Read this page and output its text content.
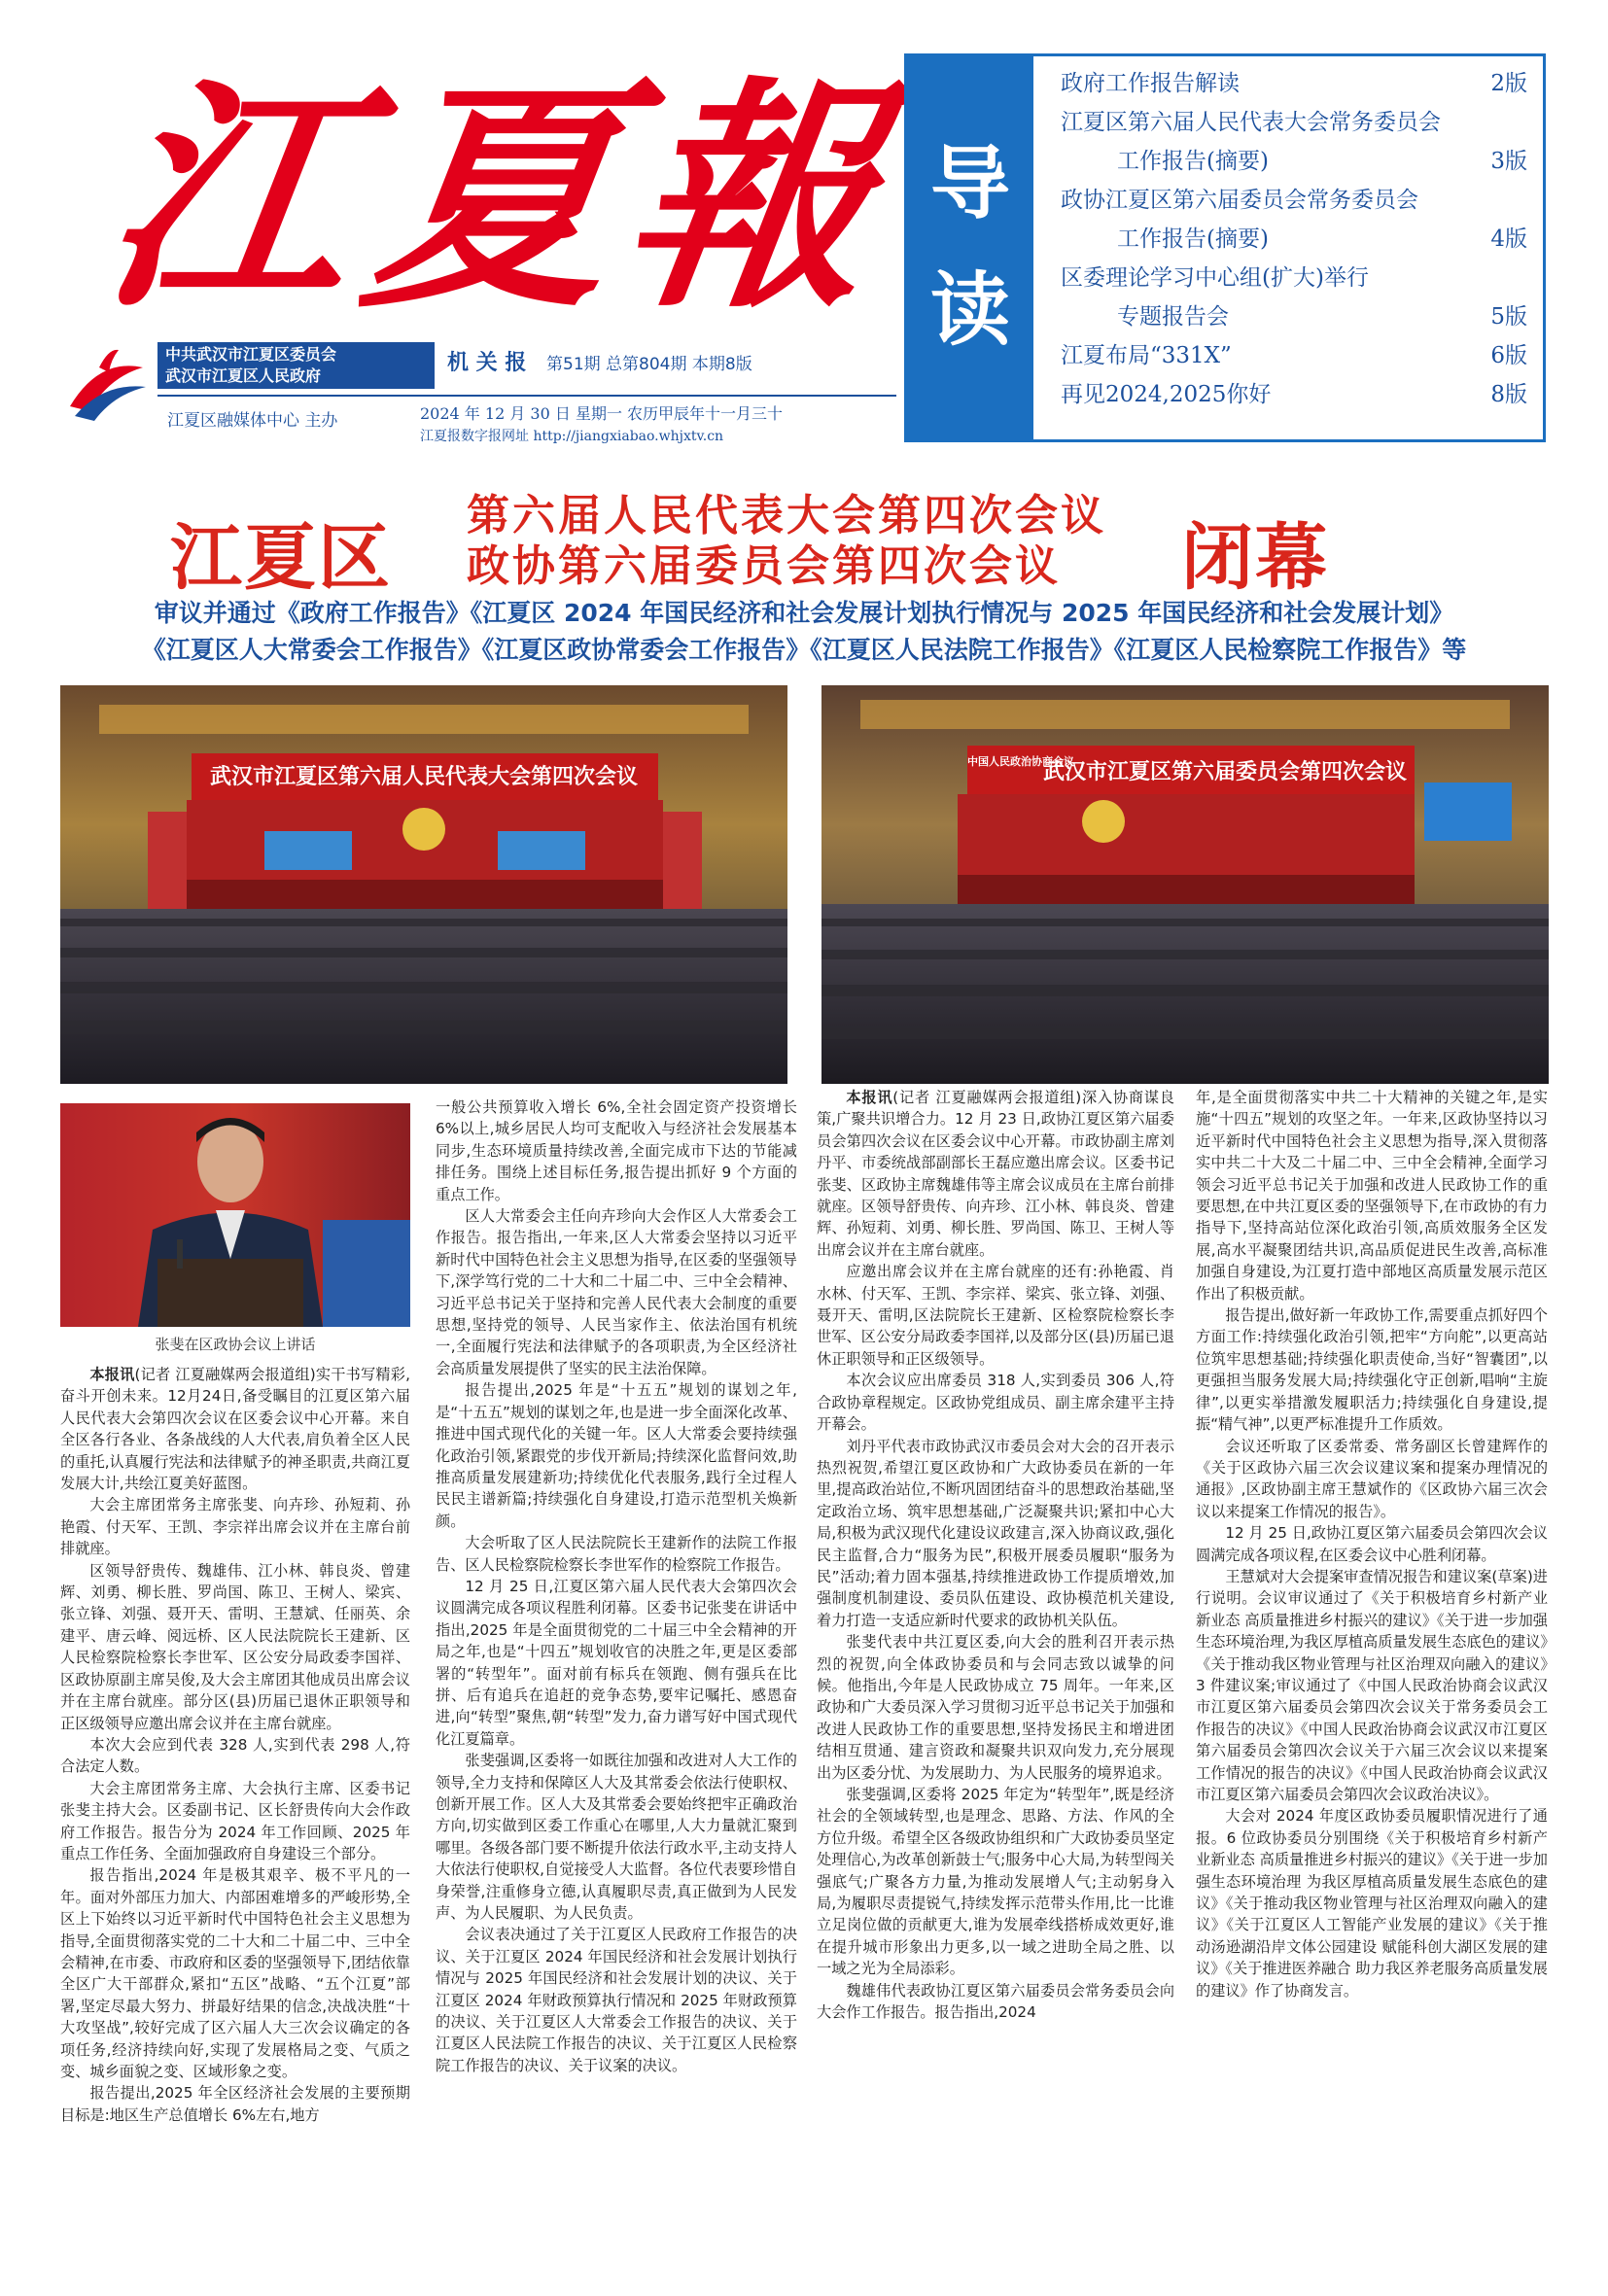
江
夏
報
中共武汉市江夏区委员会
武汉市江夏区人民政府
机 关 报 第51期 总第804期 本期8版
江夏区融媒体中心 主办	2024 年 12 月 30 日 星期一 农历甲辰年十一月三十
江夏报数字报网址 http://jiangxiabao.whjxtv.cn
导
读
政府工作报告解读	2版
江夏区第六届人民代表大会常务委员会
工作报告(摘要)	3版
政协江夏区第六届委员会常务委员会
工作报告(摘要)	4版
区委理论学习中心组(扩大)举行
专题报告会	5版
江夏布局“331X”	6版
再见2024,2025你好	8版
江夏区
第六届人民代表大会第四次会议
政协第六届委员会第四次会议	闭幕
审议并通过《政府工作报告》《江夏区 2024 年国民经济和社会发展计划执行情况与 2025 年国民经济和社会发展计划》
《江夏区人大常委会工作报告》《江夏区政协常委会工作报告》《江夏区人民法院工作报告》《江夏区人民检察院工作报告》等
武汉市江夏区第六届人民代表大会第四次会议
中国人民政治协商会议
武汉市江夏区第六届委员会第四次会议
张斐在区政协会议上讲话

本报讯(记者 江夏融媒两会报道组)实干书写精彩,奋斗开创未来。12月24日,备受瞩目的江夏区第六届人民代表大会第四次会议在区委会议中心开幕。来自全区各行各业、各条战线的人大代表,肩负着全区人民的重托,认真履行宪法和法律赋予的神圣职责,共商江夏发展大计,共绘江夏美好蓝图。

大会主席团常务主席张斐、向卉珍、孙短莉、孙艳霞、付天军、王凯、李宗祥出席会议并在主席台前排就座。

区领导舒贵传、魏雄伟、江小林、韩良炎、曾建辉、刘勇、柳长胜、罗尚国、陈卫、王树人、梁宾、张立锋、刘强、聂开天、雷明、王慧斌、任丽英、余建平、唐云峰、阅远桥、区人民法院院长王建新、区人民检察院检察长李世军、区公安分局政委李国祥、区政协原副主席吴俊,及大会主席团其他成员出席会议并在主席台就座。部分区(县)历届已退休正职领导和正区级领导应邀出席会议并在主席台就座。

本次大会应到代表 328 人,实到代表 298 人,符合法定人数。

大会主席团常务主席、大会执行主席、区委书记张斐主持大会。区委副书记、区长舒贵传向大会作政府工作报告。报告分为 2024 年工作回顾、2025 年重点工作任务、全面加强政府自身建设三个部分。

报告指出,2024 年是极其艰辛、极不平凡的一年。面对外部压力加大、内部困难增多的严峻形势,全区上下始终以习近平新时代中国特色社会主义思想为指导,全面贯彻落实党的二十大和二十届二中、三中全会精神,在市委、市政府和区委的坚强领导下,团结依靠全区广大干部群众,紧扣“五区”战略、“五个江夏”部署,坚定尽最大努力、拼最好结果的信念,决战决胜“十大攻坚战”,较好完成了区六届人大三次会议确定的各项任务,经济持续向好,实现了发展格局之变、气质之变、城乡面貌之变、区域形象之变。

报告提出,2025 年全区经济社会发展的主要预期目标是:地区生产总值增长 6%左右,地方

一般公共预算收入增长 6%,全社会固定资产投资增长 6%以上,城乡居民人均可支配收入与经济社会发展基本同步,生态环境质量持续改善,全面完成市下达的节能减排任务。围绕上述目标任务,报告提出抓好 9 个方面的重点工作。

区人大常委会主任向卉珍向大会作区人大常委会工作报告。报告指出,一年来,区人大常委会坚持以习近平新时代中国特色社会主义思想为指导,在区委的坚强领导下,深学笃行党的二十大和二十届二中、三中全会精神、习近平总书记关于坚持和完善人民代表大会制度的重要思想,坚持党的领导、人民当家作主、依法治国有机统一,全面履行宪法和法律赋予的各项职责,为全区经济社会高质量发展提供了坚实的民主法治保障。

报告提出,2025 年是“十五五”规划的谋划之年,是“十五五”规划的谋划之年,也是进一步全面深化改革、推进中国式现代化的关键一年。区人大常委会要持续强化政治引领,紧跟党的步伐开新局;持续深化监督问效,助推高质量发展建新功;持续优化代表服务,践行全过程人民民主谱新篇;持续强化自身建设,打造示范型机关焕新颜。

大会听取了区人民法院院长王建新作的法院工作报告、区人民检察院检察长李世军作的检察院工作报告。

12 月 25 日,江夏区第六届人民代表大会第四次会议圆满完成各项议程胜利闭幕。区委书记张斐在讲话中指出,2025 年是全面贯彻党的二十届三中全会精神的开局之年,也是“十四五”规划收官的决胜之年,更是区委部署的“转型年”。面对前有标兵在领跑、侧有强兵在比拼、后有追兵在追赶的竞争态势,要牢记嘱托、感恩奋进,向“转型”聚焦,朝“转型”发力,奋力谱写好中国式现代化江夏篇章。

张斐强调,区委将一如既往加强和改进对人大工作的领导,全力支持和保障区人大及其常委会依法行使职权、创新开展工作。区人大及其常委会要始终把牢正确政治方向,切实做到区委工作重心在哪里,人大力量就汇聚到哪里。各级各部门要不断提升依法行政水平,主动支持人大依法行使职权,自觉接受人大监督。各位代表要珍惜自身荣誉,注重修身立德,认真履职尽责,真正做到为人民发声、为人民履职、为人民负责。

会议表决通过了关于江夏区人民政府工作报告的决议、关于江夏区 2024 年国民经济和社会发展计划执行情况与 2025 年国民经济和社会发展计划的决议、关于江夏区 2024 年财政预算执行情况和 2025 年财政预算的决议、关于江夏区人大常委会工作报告的决议、关于江夏区人民法院工作报告的决议、关于江夏区人民检察院工作报告的决议、关于议案的决议。

本报讯(记者 江夏融媒两会报道组)深入协商谋良策,广聚共识增合力。12 月 23 日,政协江夏区第六届委员会第四次会议在区委会议中心开幕。市政协副主席刘丹平、市委统战部副部长王磊应邀出席会议。区委书记张斐、区政协主席魏雄伟等主席会议成员在主席台前排就座。区领导舒贵传、向卉珍、江小林、韩良炎、曾建辉、孙短莉、刘勇、柳长胜、罗尚国、陈卫、王树人等出席会议并在主席台就座。

应邀出席会议并在主席台就座的还有:孙艳霞、肖水林、付天军、王凯、李宗祥、梁宾、张立锋、刘强、聂开天、雷明,区法院院长王建新、区检察院检察长李世军、区公安分局政委李国祥,以及部分区(县)历届已退休正职领导和正区级领导。

本次会议应出席委员 318 人,实到委员 306 人,符合政协章程规定。区政协党组成员、副主席余建平主持开幕会。

刘丹平代表市政协武汉市委员会对大会的召开表示热烈祝贺,希望江夏区政协和广大政协委员在新的一年里,提高政治站位,不断巩固团结奋斗的思想政治基础,坚定政治立场、筑牢思想基础,广泛凝聚共识;紧扣中心大局,积极为武汉现代化建设议政建言,深入协商议政,强化民主监督,合力“服务为民”,积极开展委员履职“服务为民”活动;着力固本强基,持续推进政协工作提质增效,加强制度机制建设、委员队伍建设、政协模范机关建设,着力打造一支适应新时代要求的政协机关队伍。

张斐代表中共江夏区委,向大会的胜利召开表示热烈的祝贺,向全体政协委员和与会同志致以诚挚的问候。他指出,今年是人民政协成立 75 周年。一年来,区政协和广大委员深入学习贯彻习近平总书记关于加强和改进人民政协工作的重要思想,坚持发扬民主和增进团结相互贯通、建言资政和凝聚共识双向发力,充分展现出为区委分忧、为发展助力、为人民服务的境界追求。

张斐强调,区委将 2025 年定为“转型年”,既是经济社会的全领域转型,也是理念、思路、方法、作风的全方位升级。希望全区各级政协组织和广大政协委员坚定处理信心,为改革创新鼓士气;服务中心大局,为转型闯关强底气;广聚各方力量,为推动发展增人气;主动躬身入局,为履职尽责提锐气,持续发挥示范带头作用,比一比谁立足岗位做的贡献更大,谁为发展牵线搭桥成效更好,谁在提升城市形象出力更多,以一域之进助全局之胜、以一域之光为全局添彩。

魏雄伟代表政协江夏区第六届委员会常务委员会向大会作工作报告。报告指出,2024

年,是全面贯彻落实中共二十大精神的关键之年,是实施“十四五”规划的攻坚之年。一年来,区政协坚持以习近平新时代中国特色社会主义思想为指导,深入贯彻落实中共二十大及二十届二中、三中全会精神,全面学习领会习近平总书记关于加强和改进人民政协工作的重要思想,在中共江夏区委的坚强领导下,在市政协的有力指导下,坚持高站位深化政治引领,高质效服务全区发展,高水平凝聚团结共识,高品质促进民生改善,高标准加强自身建设,为江夏打造中部地区高质量发展示范区作出了积极贡献。

报告提出,做好新一年政协工作,需要重点抓好四个方面工作:持续强化政治引领,把牢“方向舵”,以更高站位筑牢思想基础;持续强化职责使命,当好“智囊团”,以更强担当服务发展大局;持续强化守正创新,唱响“主旋律”,以更实举措激发履职活力;持续强化自身建设,提振“精气神”,以更严标准提升工作质效。

会议还听取了区委常委、常务副区长曾建辉作的《关于区政协六届三次会议建议案和提案办理情况的通报》,区政协副主席王慧斌作的《区政协六届三次会议以来提案工作情况的报告》。

12 月 25 日,政协江夏区第六届委员会第四次会议圆满完成各项议程,在区委会议中心胜利闭幕。

王慧斌对大会提案审查情况报告和建议案(草案)进行说明。会议审议通过了《关于积极培育乡村新产业新业态 高质量推进乡村振兴的建议》《关于进一步加强生态环境治理,为我区厚植高质量发展生态底色的建议》《关于推动我区物业管理与社区治理双向融入的建议》3 件建议案;审议通过了《中国人民政治协商会议武汉市江夏区第六届委员会第四次会议关于常务委员会工作报告的决议》《中国人民政治协商会议武汉市江夏区第六届委员会第四次会议关于六届三次会议以来提案工作情况的报告的决议》《中国人民政治协商会议武汉市江夏区第六届委员会第四次会议政治决议》。

大会对 2024 年度区政协委员履职情况进行了通报。6 位政协委员分别围绕《关于积极培育乡村新产业新业态 高质量推进乡村振兴的建议》《关于进一步加强生态环境治理 为我区厚植高质量发展生态底色的建议》《关于推动我区物业管理与社区治理双向融入的建议》《关于江夏区人工智能产业发展的建议》《关于推动汤逊湖沿岸文体公园建设 赋能科创大湖区发展的建议》《关于推进医养融合 助力我区养老服务高质量发展的建议》作了协商发言。
